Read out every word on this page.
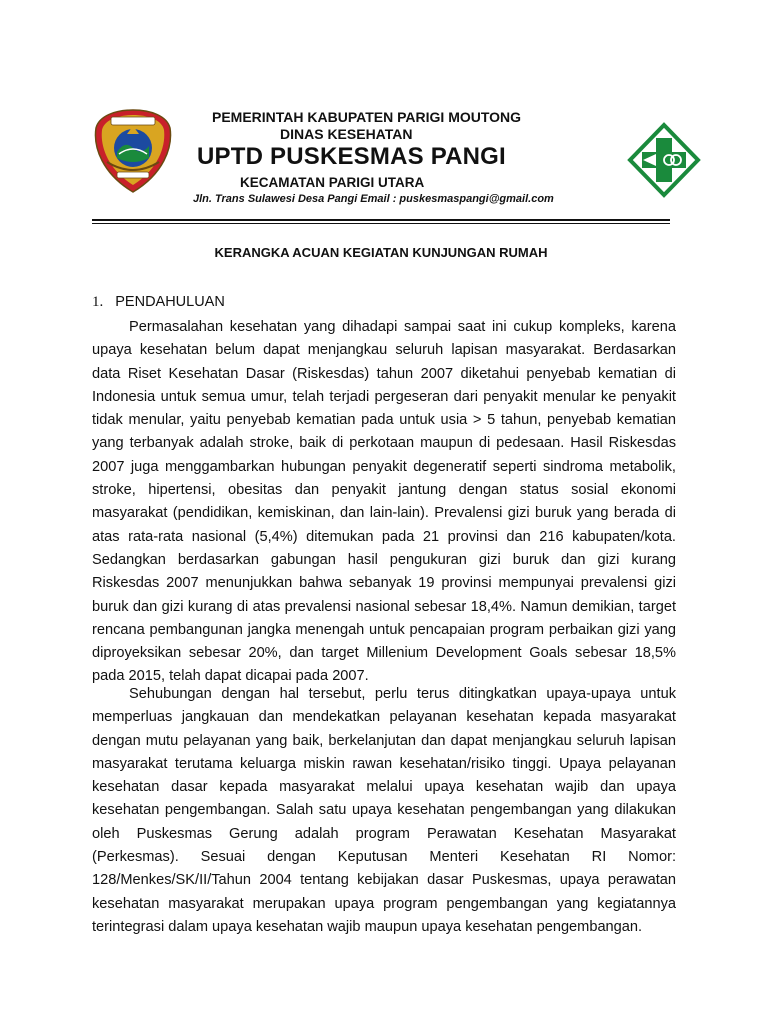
PEMERINTAH KABUPATEN PARIGI MOUTONG
DINAS KESEHATAN
UPTD PUSKESMAS PANGI
KECAMATAN PARIGI UTARA
Jln. Trans Sulawesi Desa Pangi Email : puskesmaspangi@gmail.com
KERANGKA ACUAN KEGIATAN KUNJUNGAN RUMAH
1. PENDAHULUAN

Permasalahan kesehatan yang dihadapi sampai saat ini cukup kompleks, karena upaya kesehatan belum dapat menjangkau seluruh lapisan masyarakat. Berdasarkan data Riset Kesehatan Dasar (Riskesdas) tahun 2007 diketahui penyebab kematian di Indonesia untuk semua umur, telah terjadi pergeseran dari penyakit menular ke penyakit tidak menular, yaitu penyebab kematian pada untuk usia > 5 tahun, penyebab kematian yang terbanyak adalah stroke, baik di perkotaan maupun di pedesaan. Hasil Riskesdas 2007 juga menggambarkan hubungan penyakit degeneratif seperti sindroma metabolik, stroke, hipertensi, obesitas dan penyakit jantung dengan status sosial ekonomi masyarakat (pendidikan, kemiskinan, dan lain-lain). Prevalensi gizi buruk yang berada di atas rata-rata nasional (5,4%) ditemukan pada 21 provinsi dan 216 kabupaten/kota. Sedangkan berdasarkan gabungan hasil pengukuran gizi buruk dan gizi kurang Riskesdas 2007 menunjukkan bahwa sebanyak 19 provinsi mempunyai prevalensi gizi buruk dan gizi kurang di atas prevalensi nasional sebesar 18,4%. Namun demikian, target rencana pembangunan jangka menengah untuk pencapaian program perbaikan gizi yang diproyeksikan sebesar 20%, dan target Millenium Development Goals sebesar 18,5% pada 2015, telah dapat dicapai pada 2007.

Sehubungan dengan hal tersebut, perlu terus ditingkatkan upaya-upaya untuk memperluas jangkauan dan mendekatkan pelayanan kesehatan kepada masyarakat dengan mutu pelayanan yang baik, berkelanjutan dan dapat menjangkau seluruh lapisan masyarakat terutama keluarga miskin rawan kesehatan/risiko tinggi. Upaya pelayanan kesehatan dasar kepada masyarakat melalui upaya kesehatan wajib dan upaya kesehatan pengembangan. Salah satu upaya kesehatan pengembangan yang dilakukan oleh Puskesmas Gerung adalah program Perawatan Kesehatan Masyarakat (Perkesmas). Sesuai dengan Keputusan Menteri Kesehatan RI Nomor: 128/Menkes/SK/II/Tahun 2004 tentang kebijakan dasar Puskesmas, upaya perawatan kesehatan masyarakat merupakan upaya program pengembangan yang kegiatannya terintegrasi dalam upaya kesehatan wajib maupun upaya kesehatan pengembangan.
